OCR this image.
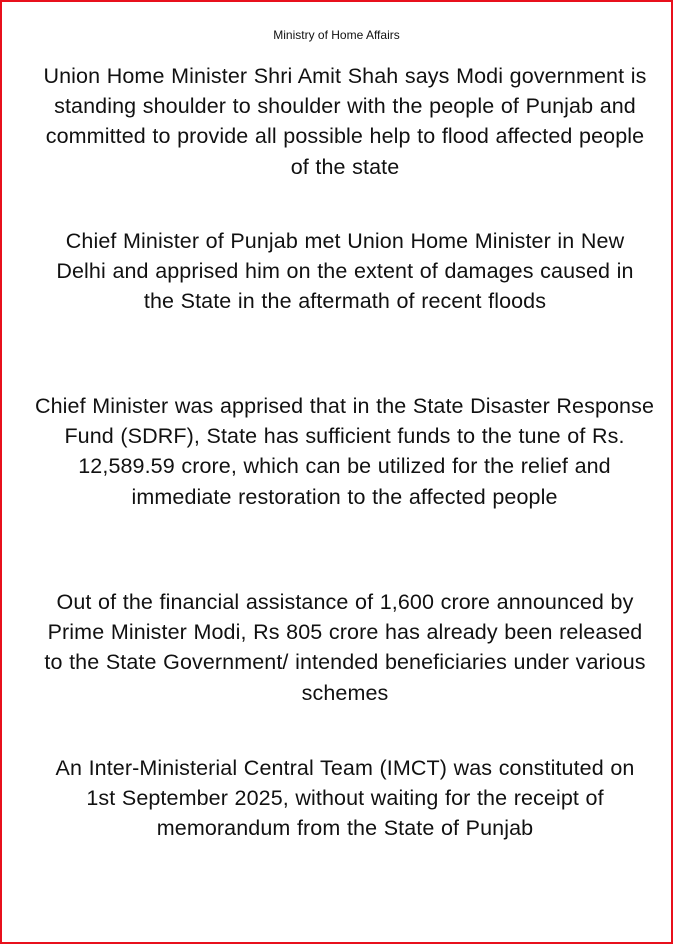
Ministry of Home Affairs

Union Home Minister Shri Amit Shah says Modi government is standing shoulder to shoulder with the people of Punjab and committed to provide all possible help to flood affected people of the state

Chief Minister of Punjab met Union Home Minister in New Delhi and apprised him on the extent of damages caused in the State in the aftermath of recent floods

Chief Minister was apprised that in the State Disaster Response Fund (SDRF), State has sufficient funds to the tune of Rs. 12,589.59 crore, which can be utilized for the relief and immediate restoration to the affected people

Out of the financial assistance of 1,600 crore announced by Prime Minister Modi, Rs 805 crore has already been released to the State Government/ intended beneficiaries under various schemes

An Inter-Ministerial Central Team (IMCT) was constituted on 1st September 2025, without waiting for the receipt of memorandum from the State of Punjab
